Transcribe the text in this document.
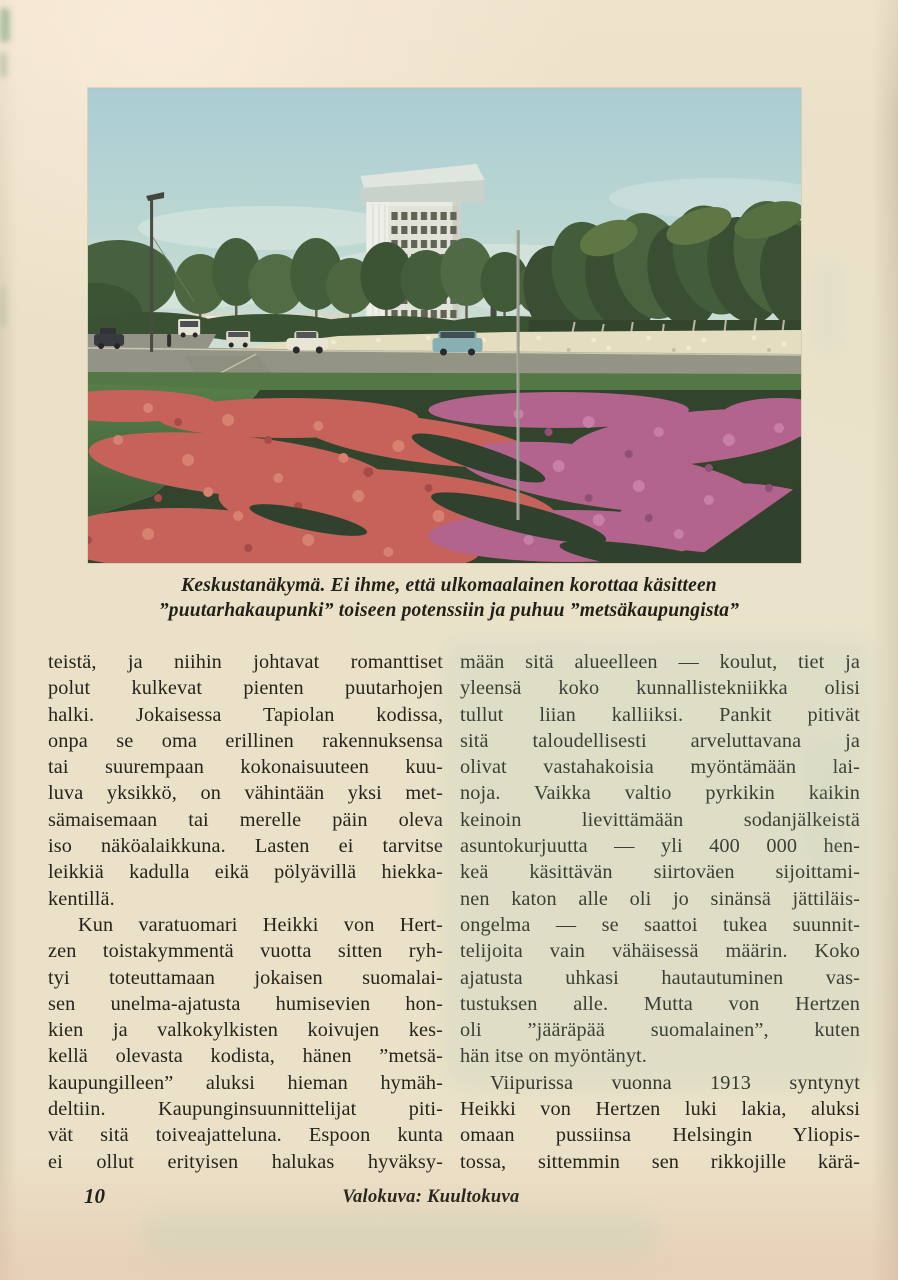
Keskustanäkymä. Ei ihme, että ulkomaalainen korottaa käsitteen
”puutarhakaupunki” toiseen potenssiin ja puhuu ”metsäkaupungista”
teistä, ja niihin johtavat romanttiset
polut kulkevat pienten puutarhojen
halki. Jokaisessa Tapiolan kodissa,
onpa se oma erillinen rakennuksensa
tai suurempaan kokonaisuuteen kuu-
luva yksikkö, on vähintään yksi met-
sämaisemaan tai merelle päin oleva
iso näköalaikkuna. Lasten ei tarvitse
leikkiä kadulla eikä pölyävillä hiekka-
kentillä.
Kun varatuomari Heikki von Hert-
zen toistakymmentä vuotta sitten ryh-
tyi toteuttamaan jokaisen suomalai-
sen unelma-ajatusta humisevien hon-
kien ja valkokylkisten koivujen kes-
kellä olevasta kodista, hänen ”metsä-
kaupungilleen” aluksi hieman hymäh-
deltiin. Kaupunginsuunnittelijat piti-
vät sitä toiveajatteluna. Espoon kunta
ei ollut erityisen halukas hyväksy-
mään sitä alueelleen — koulut, tiet ja
yleensä koko kunnallistekniikka olisi
tullut liian kalliiksi. Pankit pitivät
sitä taloudellisesti arveluttavana ja
olivat vastahakoisia myöntämään lai-
noja. Vaikka valtio pyrkikin kaikin
keinoin lievittämään sodanjälkeistä
asuntokurjuutta — yli 400 000 hen-
keä käsittävän siirtoväen sijoittami-
nen katon alle oli jo sinänsä jättiläis-
ongelma — se saattoi tukea suunnit-
telijoita vain vähäisessä määrin. Koko
ajatusta uhkasi hautautuminen vas-
tustuksen alle. Mutta von Hertzen
oli ”jääräpää suomalainen”, kuten
hän itse on myöntänyt.
Viipurissa vuonna 1913 syntynyt
Heikki von Hertzen luki lakia, aluksi
omaan pussiinsa Helsingin Yliopis-
tossa, sittemmin sen rikkojille kärä-
10	Valokuva: Kuultokuva
